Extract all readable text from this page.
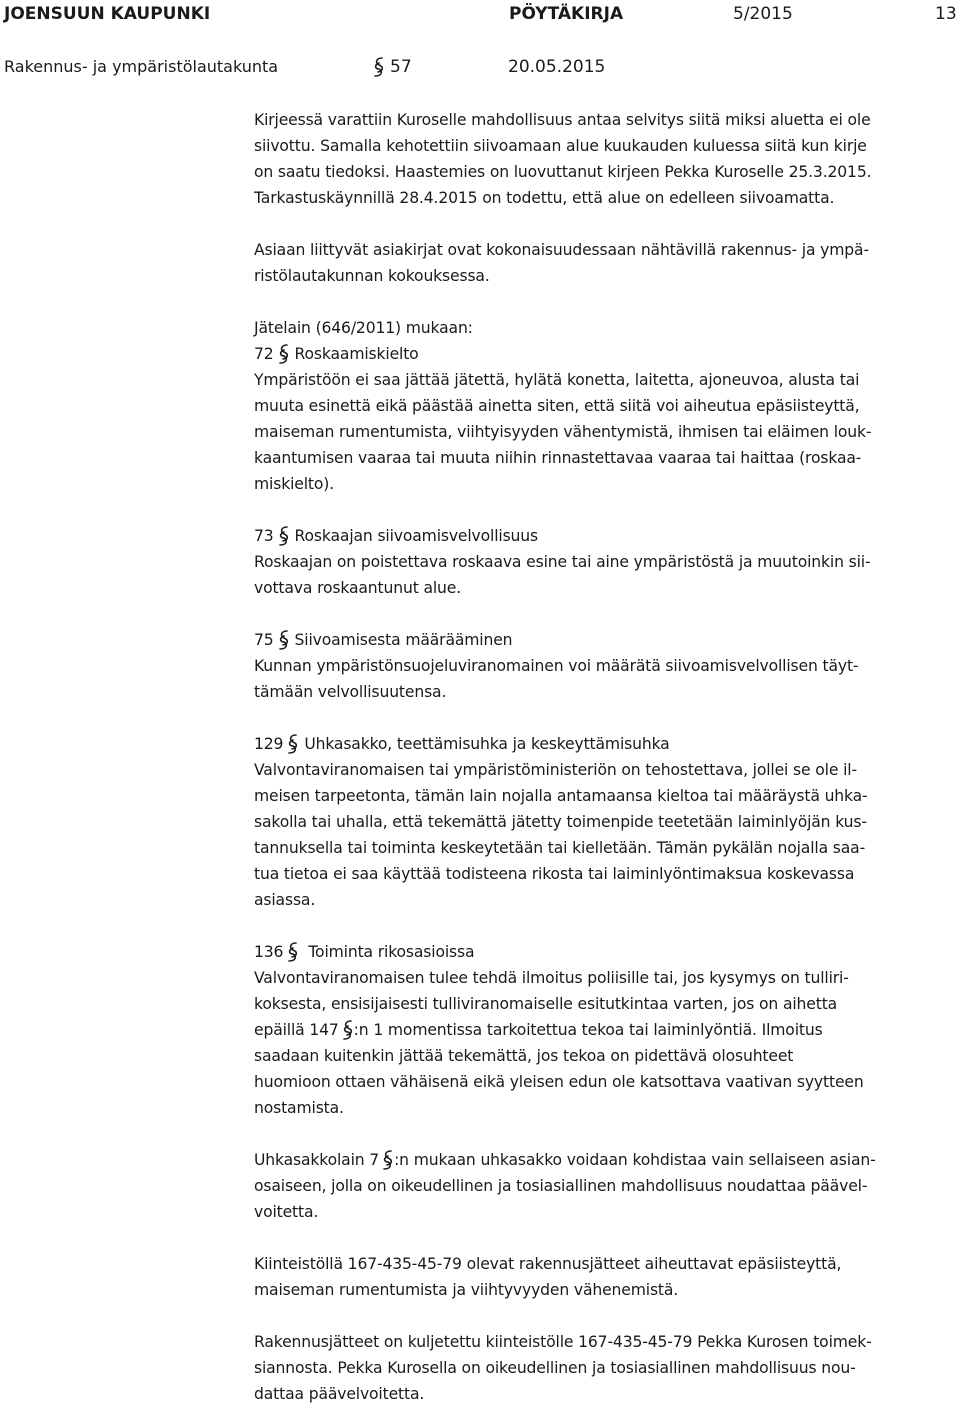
JOENSUUN KAUPUNKI	PÖYTÄKIRJA	5/2015	13
Rakennus- ja ympäristölautakunta	57	20.05.2015
Kirjeessä varattiin Kuroselle mahdollisuus antaa selvitys siitä miksi aluetta ei ole
siivottu. Samalla kehotettiin siivoamaan alue kuukauden kuluessa siitä kun kirje
on saatu tiedoksi. Haastemies on luovuttanut kirjeen Pekka Kuroselle 25.3.2015.
Tarkastuskäynnillä 28.4.2015 on todettu, että alue on edelleen siivoamatta.
Asiaan liittyvät asiakirjat ovat kokonaisuudessaan nähtävillä rakennus- ja ympä-
ristölautakunnan kokouksessa.
Jätelain (646/2011) mukaan:
72 Roskaamiskielto
Ympäristöön ei saa jättää jätettä, hylätä konetta, laitetta, ajoneuvoa, alusta tai
muuta esinettä eikä päästää ainetta siten, että siitä voi aiheutua epäsiisteyttä,
maiseman rumentumista, viihtyisyyden vähentymistä, ihmisen tai eläimen louk-
kaantumisen vaaraa tai muuta niihin rinnastettavaa vaaraa tai haittaa (roskaa-
miskielto).
73 Roskaajan siivoamisvelvollisuus
Roskaajan on poistettava roskaava esine tai aine ympäristöstä ja muutoinkin sii-
vottava roskaantunut alue.
75 Siivoamisesta määrääminen
Kunnan ympäristönsuojeluviranomainen voi määrätä siivoamisvelvollisen täyt-
tämään velvollisuutensa.
129 Uhkasakko, teettämisuhka ja keskeyttämisuhka
Valvontaviranomaisen tai ympäristöministeriön on tehostettava, jollei se ole il-
meisen tarpeetonta, tämän lain nojalla antamaansa kieltoa tai määräystä uhka-
sakolla tai uhalla, että tekemättä jätetty toimenpide teetetään laiminlyöjän kus-
tannuksella tai toiminta keskeytetään tai kielletään. Tämän pykälän nojalla saa-
tua tietoa ei saa käyttää todisteena rikosta tai laiminlyöntimaksua koskevassa
asiassa.
136 Toiminta rikosasioissa
Valvontaviranomaisen tulee tehdä ilmoitus poliisille tai, jos kysymys on tulliri-
koksesta, ensisijaisesti tulliviranomaiselle esitutkintaa varten, jos on aihetta
epäillä 147 :n 1 momentissa tarkoitettua tekoa tai laiminlyöntiä. Ilmoitus
saadaan kuitenkin jättää tekemättä, jos tekoa on pidettävä olosuhteet
huomioon ottaen vähäisenä eikä yleisen edun ole katsottava vaativan syytteen
nostamista.
Uhkasakkolain 7 :n mukaan uhkasakko voidaan kohdistaa vain sellaiseen asian-
osaiseen, jolla on oikeudellinen ja tosiasiallinen mahdollisuus noudattaa päävel-
voitetta.
Kiinteistöllä 167-435-45-79 olevat rakennusjätteet aiheuttavat epäsiisteyttä,
maiseman rumentumista ja viihtyvyyden vähenemistä.
Rakennusjätteet on kuljetettu kiinteistölle 167-435-45-79 Pekka Kurosen toimek-
siannosta. Pekka Kurosella on oikeudellinen ja tosiasiallinen mahdollisuus nou-
dattaa päävelvoitetta.
